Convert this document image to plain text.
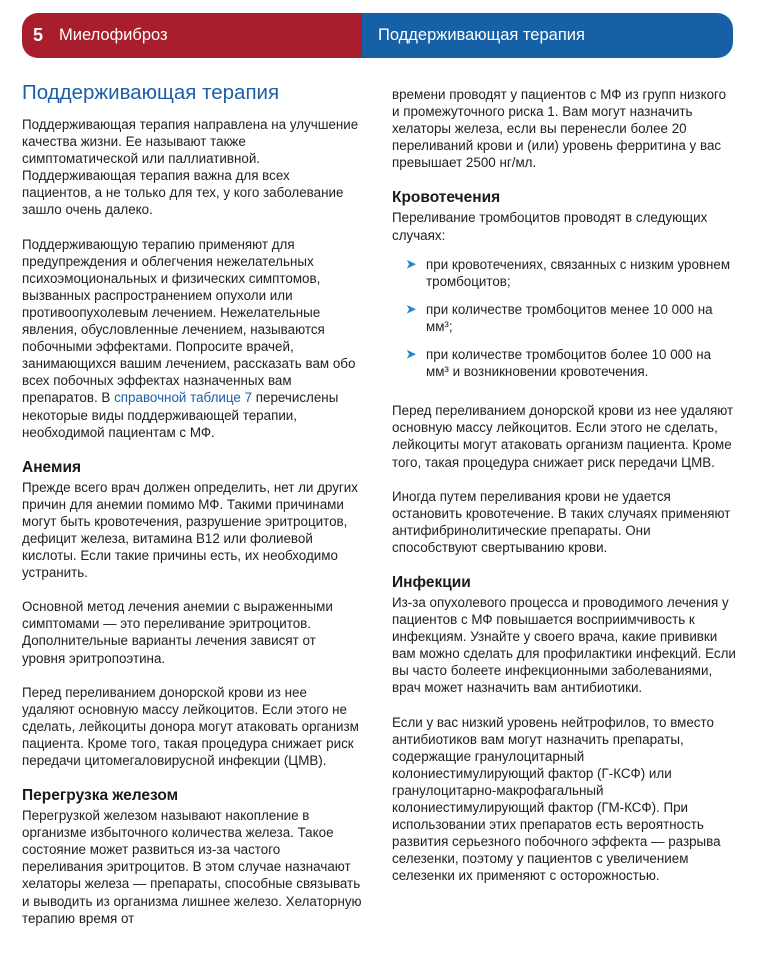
5 Миелофиброз	Поддерживающая терапия
Поддерживающая терапия

Поддерживающая терапия направлена на улучшение качества жизни. Ее называют также симптоматической или паллиативной. Поддерживающая терапия важна для всех пациентов, а не только для тех, у кого заболевание зашло очень далеко.

Поддерживающую терапию применяют для предупреждения и облегчения нежелательных психоэмоциональных и физических симптомов, вызванных распространением опухоли или противоопухолевым лечением. Нежелательные явления, обусловленные лечением, называются побочными эффектами. Попросите врачей, занимающихся вашим лечением, рассказать вам обо всех побочных эффектах назначенных вам препаратов. В справочной таблице 7 перечислены некоторые виды поддерживающей терапии, необходимой пациентам с МФ.

Анемия

Прежде всего врач должен определить, нет ли других причин для анемии помимо МФ. Такими причинами могут быть кровотечения, разрушение эритроцитов, дефицит железа, витамина B12 или фолиевой кислоты. Если такие причины есть, их необходимо устранить.

Основной метод лечения анемии с выраженными симптомами — это переливание эритроцитов. Дополнительные варианты лечения зависят от уровня эритропоэтина.

Перед переливанием донорской крови из нее удаляют основную массу лейкоцитов. Если этого не сделать, лейкоциты донора могут атаковать организм пациента. Кроме того, такая процедура снижает риск передачи цитомегаловирусной инфекции (ЦМВ).

Перегрузка железом

Перегрузкой железом называют накопление в организме избыточного количества железа. Такое состояние может развиться из-за частого переливания эритроцитов. В этом случае назначают хелаторы железа — препараты, способные связывать и выводить из организма лишнее железо. Хелаторную терапию время от

времени проводят у пациентов с МФ из групп низкого и промежуточного риска 1. Вам могут назначить хелаторы железа, если вы перенесли более 20 переливаний крови и (или) уровень ферритина у вас превышает 2500 нг/мл.

Кровотечения

Переливание тромбоцитов проводят в следующих случаях:

➤ при кровотечениях, связанных с низким уровнем тромбоцитов;
➤ при количестве тромбоцитов менее 10 000 на мм³;
➤ при количестве тромбоцитов более 10 000 на мм³ и возникновении кровотечения.

Перед переливанием донорской крови из нее удаляют основную массу лейкоцитов. Если этого не сделать, лейкоциты могут атаковать организм пациента. Кроме того, такая процедура снижает риск передачи ЦМВ.

Иногда путем переливания крови не удается остановить кровотечение. В таких случаях применяют антифибринолитические препараты. Они способствуют свертыванию крови.

Инфекции

Из-за опухолевого процесса и проводимого лечения у пациентов с МФ повышается восприимчивость к инфекциям. Узнайте у своего врача, какие прививки вам можно сделать для профилактики инфекций. Если вы часто болеете инфекционными заболеваниями, врач может назначить вам антибиотики.

Если у вас низкий уровень нейтрофилов, то вместо антибиотиков вам могут назначить препараты, содержащие гранулоцитарный колониестимулирующий фактор (Г-КСФ) или гранулоцитарно-макрофагальный колониестимулирующий фактор (ГМ-КСФ). При использовании этих препаратов есть вероятность развития серьезного побочного эффекта — разрыва селезенки, поэтому у пациентов с увеличением селезенки их применяют с осторожностью.
